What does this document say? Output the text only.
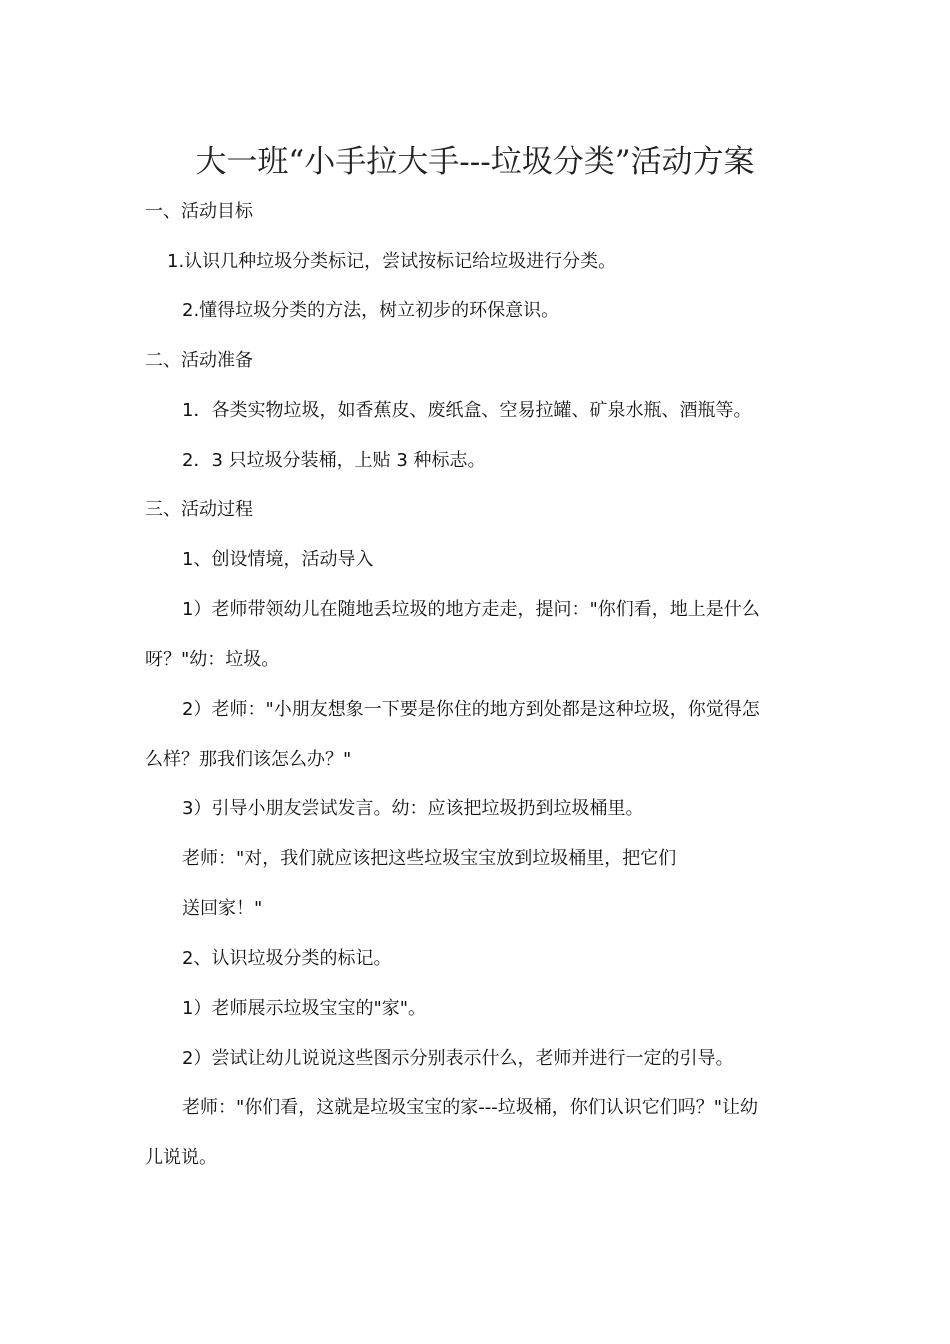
大一班“小手拉大手---垃圾分类”活动方案

一、活动目标

1.认识几种垃圾分类标记，尝试按标记给垃圾进行分类。

2.懂得垃圾分类的方法，树立初步的环保意识。

二、活动准备

1．各类实物垃圾，如香蕉皮、废纸盒、空易拉罐、矿泉水瓶、酒瓶等。

2．3 只垃圾分装桶，上贴 3 种标志。

三、活动过程

1、创设情境，活动导入

1）老师带领幼儿在随地丢垃圾的地方走走，提问："你们看，地上是什么

呀？"幼：垃圾。

2）老师："小朋友想象一下要是你住的地方到处都是这种垃圾，你觉得怎

么样？那我们该怎么办？"

3）引导小朋友尝试发言。幼：应该把垃圾扔到垃圾桶里。

老师："对，我们就应该把这些垃圾宝宝放到垃圾桶里，把它们

送回家！"

2、认识垃圾分类的标记。

1）老师展示垃圾宝宝的"家"。

2）尝试让幼儿说说这些图示分别表示什么，老师并进行一定的引导。

老师："你们看，这就是垃圾宝宝的家---垃圾桶，你们认识它们吗？"让幼

儿说说。
